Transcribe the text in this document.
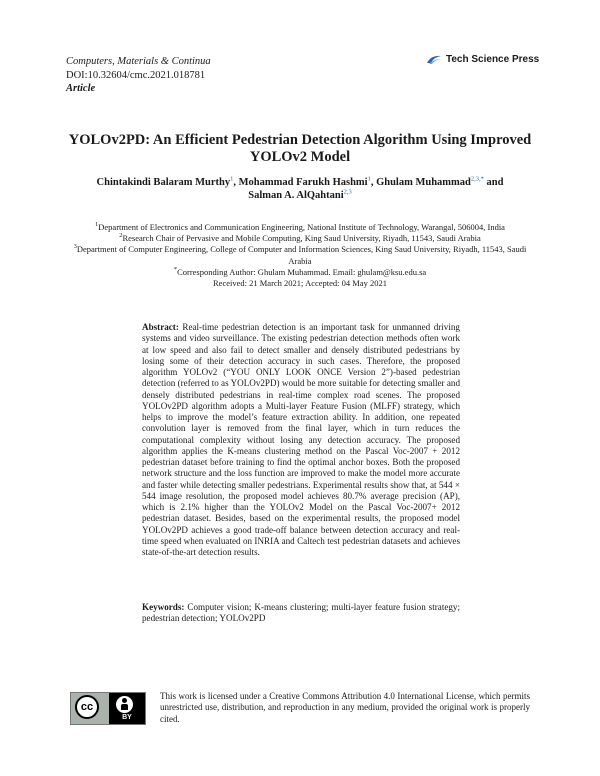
Computers, Materials & Continua
DOI:10.32604/cmc.2021.018781
Article
Tech Science Press
YOLOv2PD: An Efficient Pedestrian Detection Algorithm Using Improved YOLOv2 Model
Chintakindi Balaram Murthy$^1$, Mohammad Farukh Hashmi$^1$, Ghulam Muhammad$^{2,3,*}$ and
Salman A. AlQahtani$^{2,3}$
$^1$Department of Electronics and Communication Engineering, National Institute of Technology, Warangal, 506004, India
$^2$Research Chair of Pervasive and Mobile Computing, King Saud University, Riyadh, 11543, Saudi Arabia
$^3$Department of Computer Engineering, College of Computer and Information Sciences, King Saud University, Riyadh, 11543, Saudi Arabia
*Corresponding Author: Ghulam Muhammad. Email: ghulam@ksu.edu.sa
Received: 21 March 2021; Accepted: 04 May 2021
Abstract: Real-time pedestrian detection is an important task for unmanned driving systems and video surveillance. The existing pedestrian detection methods often work at low speed and also fail to detect smaller and densely distributed pedestrians by losing some of their detection accuracy in such cases. Therefore, the proposed algorithm YOLOv2 (“YOU ONLY LOOK ONCE Version 2”)-based pedestrian detection (referred to as YOLOv2PD) would be more suitable for detecting smaller and densely distributed pedestrians in real-time complex road scenes. The proposed YOLOv2PD algorithm adopts a Multi-layer Feature Fusion (MLFF) strategy, which helps to improve the model’s feature extraction ability. In addition, one repeated convolution layer is removed from the final layer, which in turn reduces the computational complexity without losing any detection accuracy. The proposed algorithm applies the K-means clustering method on the Pascal Voc-2007 + 2012 pedestrian dataset before training to find the optimal anchor boxes. Both the proposed network structure and the loss function are improved to make the model more accurate and faster while detecting smaller pedestrians. Experimental results show that, at 544 × 544 image resolution, the proposed model achieves 80.7% average precision (AP), which is 2.1% higher than the YOLOv2 Model on the Pascal Voc-2007+ 2012 pedestrian dataset. Besides, based on the experimental results, the proposed model YOLOv2PD achieves a good trade-off balance between detection accuracy and real-time speed when evaluated on INRIA and Caltech test pedestrian datasets and achieves state-of-the-art detection results.
Keywords: Computer vision; K-means clustering; multi-layer feature fusion strategy; pedestrian detection; YOLOv2PD
cc
BY
This work is licensed under a Creative Commons Attribution 4.0 International License, which permits unrestricted use, distribution, and reproduction in any medium, provided the original work is properly cited.
